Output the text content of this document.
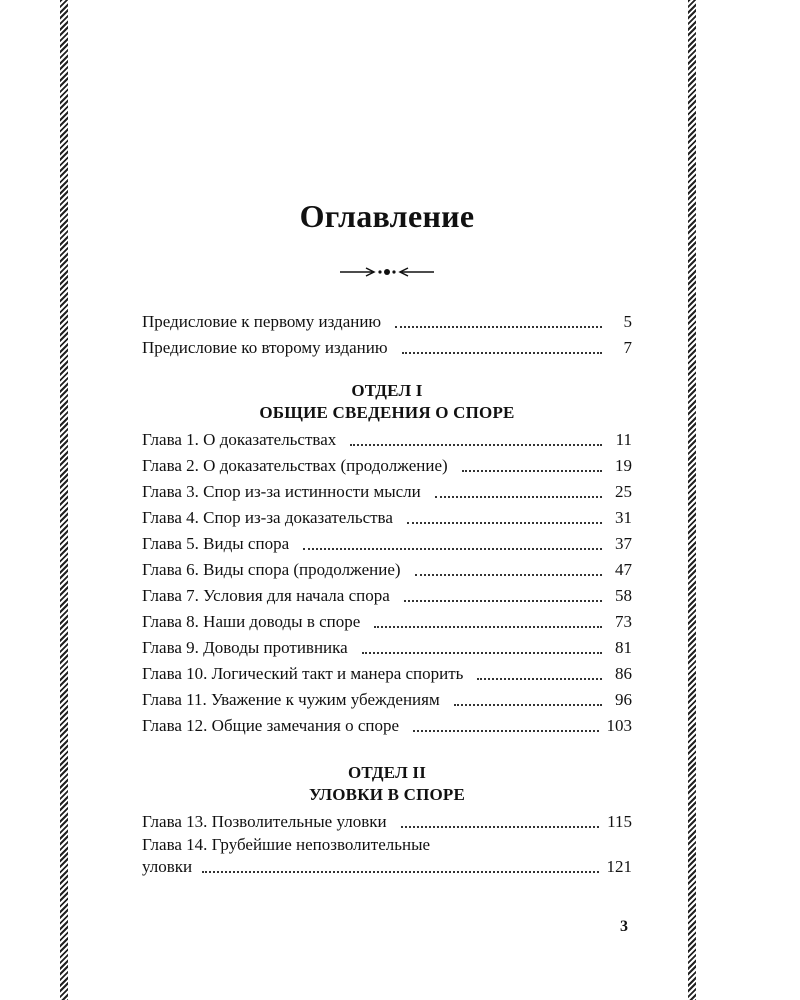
Оглавление
Предисловие к первому изданию	5
Предисловие ко второму изданию	7
ОТДЕЛ I
ОБЩИЕ СВЕДЕНИЯ О СПОРЕ
Глава 1. О доказательствах	11
Глава 2. О доказательствах (продолжение)	19
Глава 3. Спор из-за истинности мысли	25
Глава 4. Спор из-за доказательства	31
Глава 5. Виды спора	37
Глава 6. Виды спора (продолжение)	47
Глава 7. Условия для начала спора	58
Глава 8. Наши доводы в споре	73
Глава 9. Доводы противника	81
Глава 10. Логический такт и манера спорить	86
Глава 11. Уважение к чужим убеждениям	96
Глава 12. Общие замечания о споре	103
ОТДЕЛ II
УЛОВКИ В СПОРЕ
Глава 13. Позволительные уловки	115
Глава 14. Грубейшие непозволительные
уловки	121
3
